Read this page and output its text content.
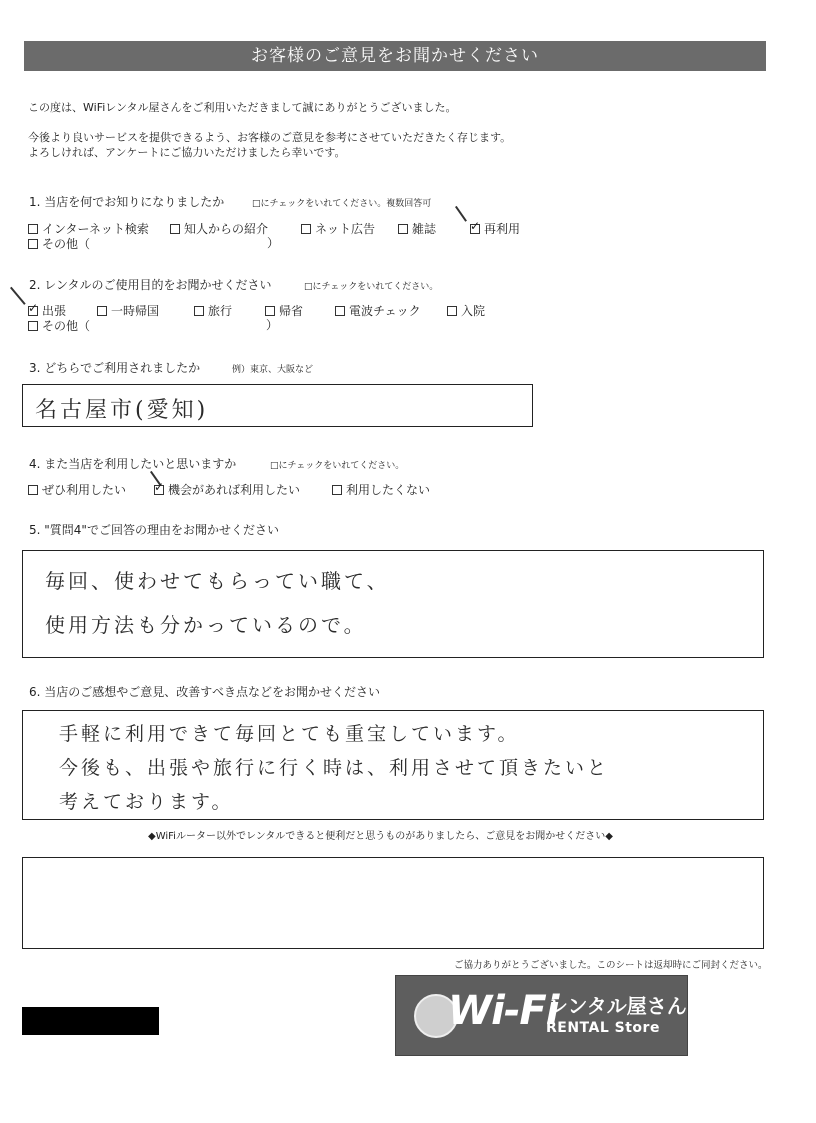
お客様のご意見をお聞かせください
この度は、WiFiレンタル屋さんをご利用いただきまして誠にありがとうございました。
今後より良いサービスを提供できるよう、お客様のご意見を参考にさせていただきたく存じます。
よろしければ、アンケートにご協力いただけましたら幸いです。
1. 当店を何でお知りになりましたか	□にチェックをいれてください。複数回答可
インターネット検索	知人からの紹介	ネット広告	雑誌 ✓	再利用
その他（	）
2. レンタルのご使用目的をお聞かせください	□にチェックをいれてください。
✓
出張	一時帰国	旅行	帰省	電波チェック	入院
その他（	）
3. どちらでご利用されましたか	例）東京、大阪など
名古屋市(愛知)
4. また当店を利用したいと思いますか	□にチェックをいれてください。
ぜひ利用したい ✓	機会があれば利用したい	利用したくない
5. "質問4"でご回答の理由をお聞かせください
毎回、使わせてもらってい職て、
使用方法も分かっているので。
6. 当店のご感想やご意見、改善すべき点などをお聞かせください
手軽に利用できて毎回とても重宝しています。
今後も、出張や旅行に行く時は、利用させて頂きたいと
考えております。
◆WiFiルーター以外でレンタルできると便利だと思うものがありましたら、ご意見をお聞かせください◆
ご協力ありがとうございました。このシートは返却時にご同封ください。
Wi-Fi
レンタル屋さん
RENTAL Store
